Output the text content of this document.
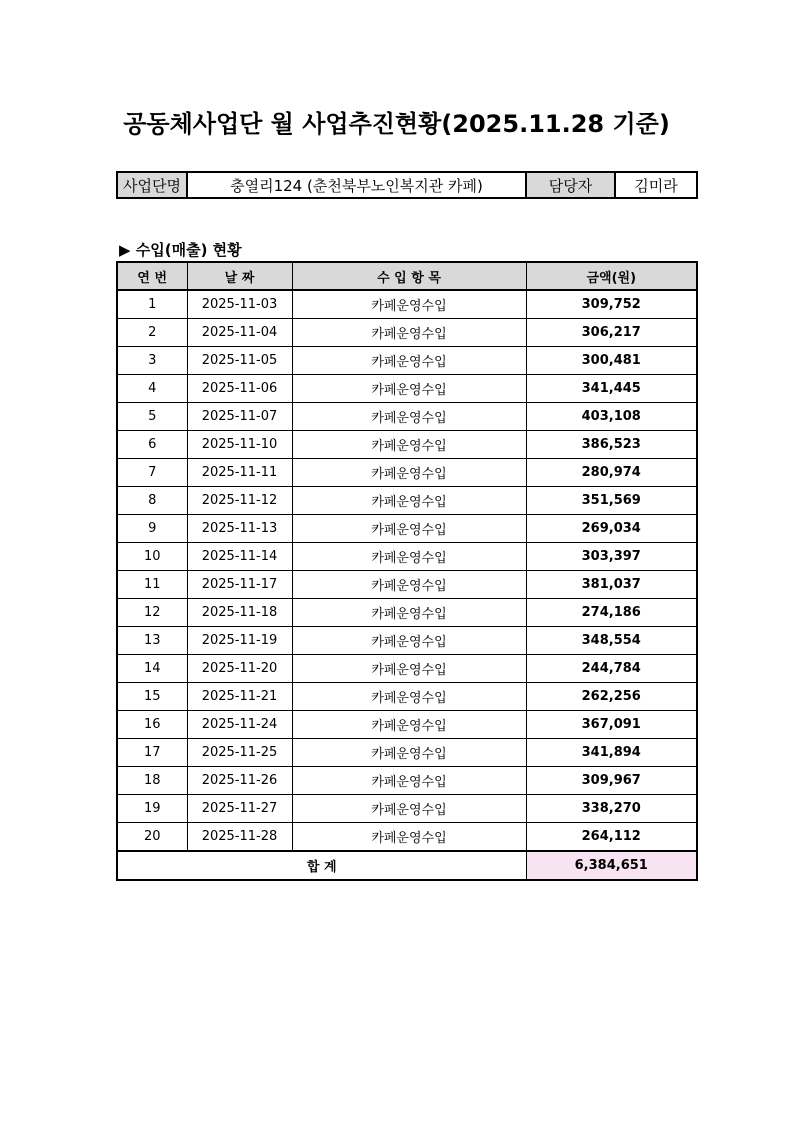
공동체사업단 월 사업추진현황(2025.11.28 기준)
사업단명	충열리124 (춘천북부노인복지관 카페)	담당자	김미라
▶ 수입(매출) 현황
연 번	날 짜	수 입 항 목	금액(원)
1	2025-11-03	카페운영수입	309,752
2	2025-11-04	카페운영수입	306,217
3	2025-11-05	카페운영수입	300,481
4	2025-11-06	카페운영수입	341,445
5	2025-11-07	카페운영수입	403,108
6	2025-11-10	카페운영수입	386,523
7	2025-11-11	카페운영수입	280,974
8	2025-11-12	카페운영수입	351,569
9	2025-11-13	카페운영수입	269,034
10	2025-11-14	카페운영수입	303,397
11	2025-11-17	카페운영수입	381,037
12	2025-11-18	카페운영수입	274,186
13	2025-11-19	카페운영수입	348,554
14	2025-11-20	카페운영수입	244,784
15	2025-11-21	카페운영수입	262,256
16	2025-11-24	카페운영수입	367,091
17	2025-11-25	카페운영수입	341,894
18	2025-11-26	카페운영수입	309,967
19	2025-11-27	카페운영수입	338,270
20	2025-11-28	카페운영수입	264,112
합 계			6,384,651
